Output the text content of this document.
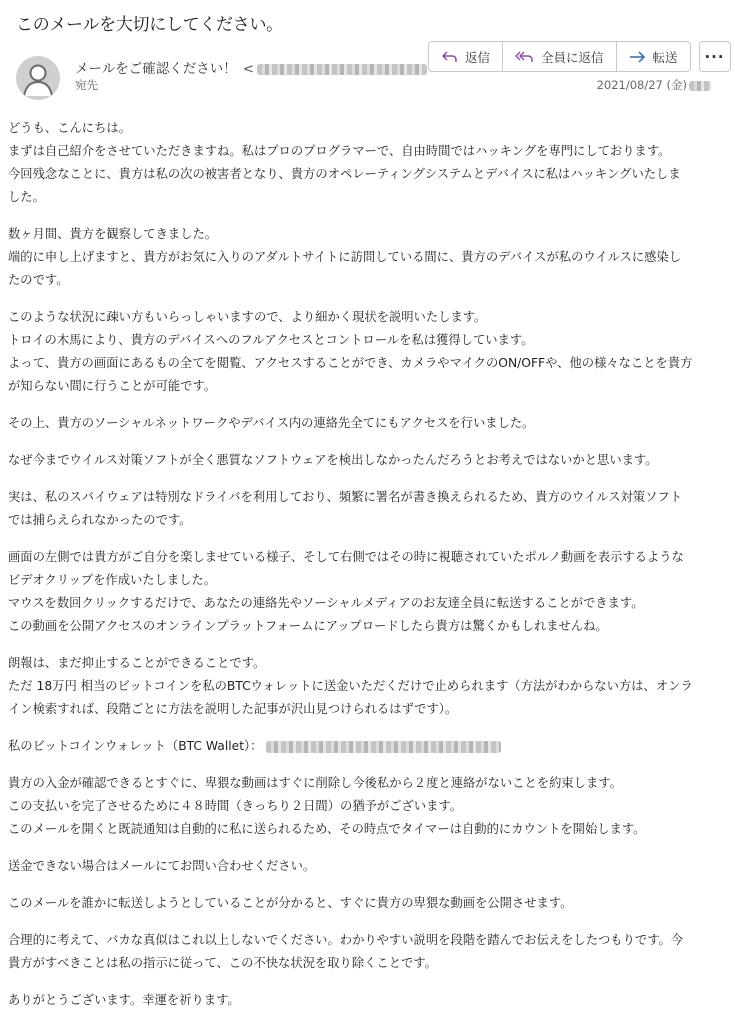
このメールを大切にしてください。
メールをご確認ください！ <
宛先
返信	全員に返信	転送	···
2021/08/27 (金)

どうも、こんにちは。
まずは自己紹介をさせていただきますね。私はプロのプログラマーで、自由時間ではハッキングを専門にしております。
今回残念なことに、貴方は私の次の被害者となり、貴方のオペレーティングシステムとデバイスに私はハッキングいたしま
した。

数ヶ月間、貴方を観察してきました。
端的に申し上げますと、貴方がお気に入りのアダルトサイトに訪問している間に、貴方のデバイスが私のウイルスに感染し
たのです。

このような状況に疎い方もいらっしゃいますので、より細かく現状を説明いたします。
トロイの木馬により、貴方のデバイスへのフルアクセスとコントロールを私は獲得しています。
よって、貴方の画面にあるもの全てを閲覧、アクセスすることができ、カメラやマイクのON/OFFや、他の様々なことを貴方
が知らない間に行うことが可能です。

その上、貴方のソーシャルネットワークやデバイス内の連絡先全てにもアクセスを行いました。

なぜ今までウイルス対策ソフトが全く悪質なソフトウェアを検出しなかったんだろうとお考えではないかと思います。

実は、私のスパイウェアは特別なドライバを利用しており、頻繁に署名が書き換えられるため、貴方のウイルス対策ソフト
では捕らえられなかったのです。

画面の左側では貴方がご自分を楽しませている様子、そして右側ではその時に視聴されていたポルノ動画を表示するような
ビデオクリップを作成いたしました。
マウスを数回クリックするだけで、あなたの連絡先やソーシャルメディアのお友達全員に転送することができます。
この動画を公開アクセスのオンラインプラットフォームにアップロードしたら貴方は驚くかもしれませんね。

朗報は、まだ抑止することができることです。
ただ 18万円 相当のビットコインを私のBTCウォレットに送金いただくだけで止められます（方法がわからない方は、オンラ
イン検索すれば、段階ごとに方法を説明した記事が沢山見つけられるはずです）。

私のビットコインウォレット（BTC Wallet）：

貴方の入金が確認できるとすぐに、卑猥な動画はすぐに削除し今後私から２度と連絡がないことを約束します。
この支払いを完了させるために４８時間（きっちり２日間）の猶予がございます。
このメールを開くと既読通知は自動的に私に送られるため、その時点でタイマーは自動的にカウントを開始します。

送金できない場合はメールにてお問い合わせください。

このメールを誰かに転送しようとしていることが分かると、すぐに貴方の卑猥な動画を公開させます。

合理的に考えて、バカな真似はこれ以上しないでください。わかりやすい説明を段階を踏んでお伝えをしたつもりです。今
貴方がすべきことは私の指示に従って、この不快な状況を取り除くことです。

ありがとうございます。幸運を祈ります。
